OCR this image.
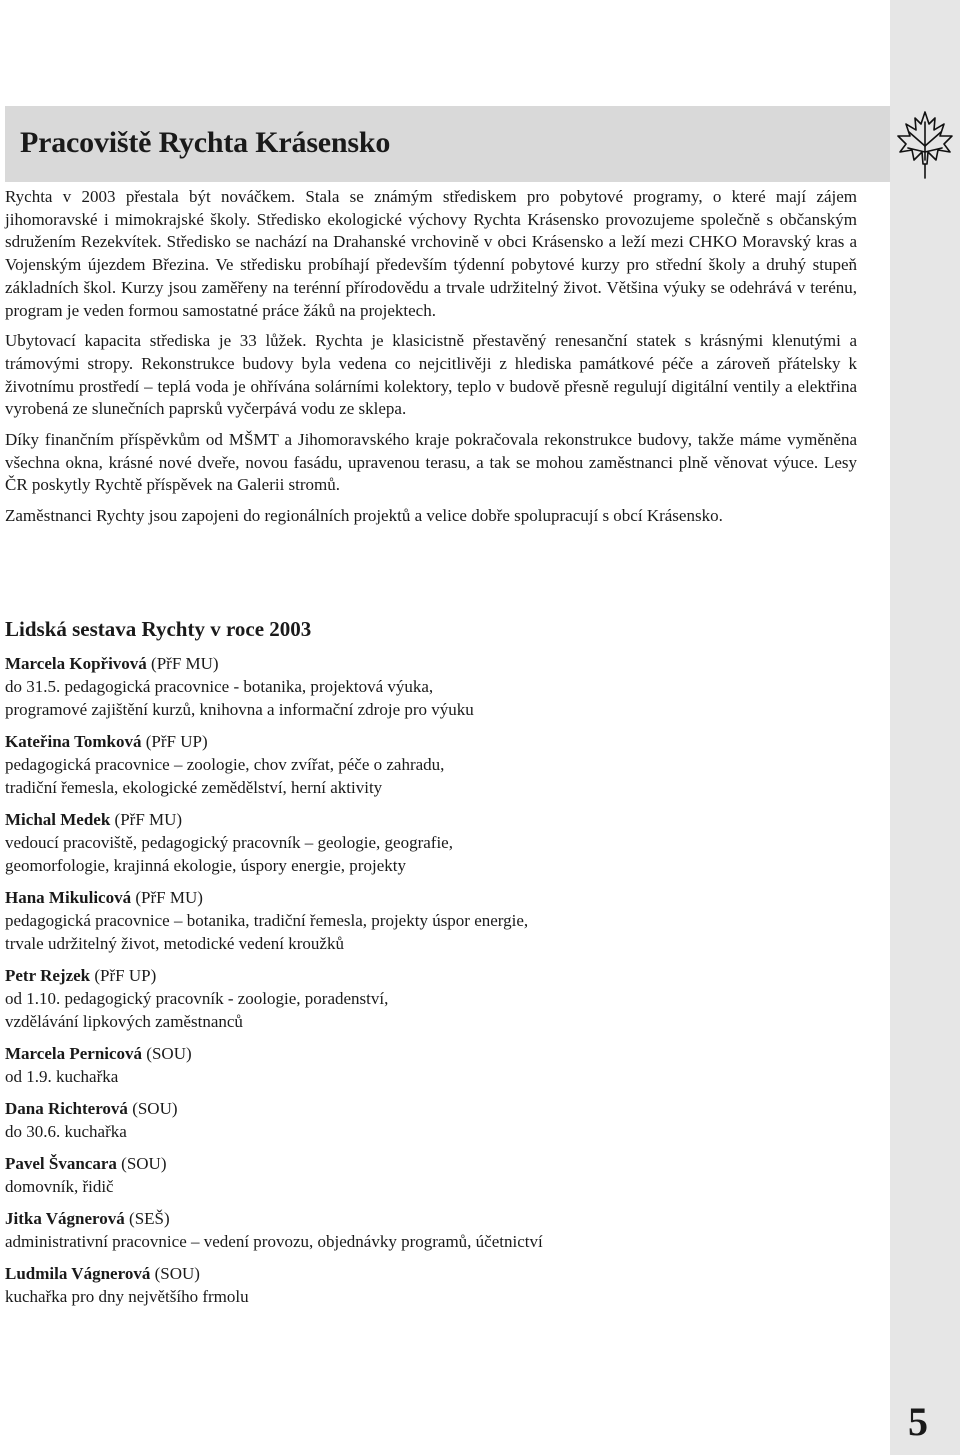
Pracoviště Rychta Krásensko

Rychta v 2003 přestala být nováčkem. Stala se známým střediskem pro pobytové programy, o které mají zájem jihomoravské i mimokrajské školy. Středisko ekologické výchovy Rychta Krásensko provozujeme společně s občanským sdružením Rezekvítek. Středisko se nachází na Drahanské vrchovině v obci Krásensko a leží mezi CHKO Moravský kras a Vojenským újezdem Březina. Ve středisku probíhají především týdenní pobytové kurzy pro střední školy a druhý stupeň základních škol. Kurzy jsou zaměřeny na terénní přírodovědu a trvale udržitelný život. Většina výuky se odehrává v terénu, program je veden formou samostatné práce žáků na projektech.

Ubytovací kapacita střediska je 33 lůžek. Rychta je klasicistně přestavěný renesanční statek s krásnými klenutými a trámovými stropy. Rekonstrukce budovy byla vedena co nejcitlivěji z hlediska památkové péče a zároveň přátelsky k životnímu prostředí – teplá voda je ohřívána solárními kolektory, teplo v budově přesně regulují digitální ventily a elektřina vyrobená ze slunečních paprsků vyčerpává vodu ze sklepa.

Díky finančním příspěvkům od MŠMT a Jihomoravského kraje pokračovala rekonstrukce budovy, takže máme vyměněna všechna okna, krásné nové dveře, novou fasádu, upravenou terasu, a tak se mohou zaměstnanci plně věnovat výuce. Lesy ČR poskytly Rychtě příspěvek na Galerii stromů.

Zaměstnanci Rychty jsou zapojeni do regionálních projektů a velice dobře spolupracují s obcí Krásensko.

Lidská sestava Rychty v roce 2003
Marcela Kopřivová (PřF MU)
do 31.5. pedagogická pracovnice - botanika, projektová výuka,
programové zajištění kurzů, knihovna a informační zdroje pro výuku
Kateřina Tomková (PřF UP)
pedagogická pracovnice – zoologie, chov zvířat, péče o zahradu,
tradiční řemesla, ekologické zemědělství, herní aktivity
Michal Medek (PřF MU)
vedoucí pracoviště, pedagogický pracovník – geologie, geografie,
geomorfologie, krajinná ekologie, úspory energie, projekty
Hana Mikulicová (PřF MU)
pedagogická pracovnice – botanika, tradiční řemesla, projekty úspor energie,
trvale udržitelný život, metodické vedení kroužků
Petr Rejzek (PřF UP)
od 1.10. pedagogický pracovník - zoologie, poradenství,
vzdělávání lipkových zaměstnanců
Marcela Pernicová (SOU)
od 1.9. kuchařka
Dana Richterová (SOU)
do 30.6. kuchařka
Pavel Švancara (SOU)
domovník, řidič
Jitka Vágnerová (SEŠ)
administrativní pracovnice – vedení provozu, objednávky programů, účetnictví
Ludmila Vágnerová (SOU)
kuchařka pro dny největšího frmolu
5
